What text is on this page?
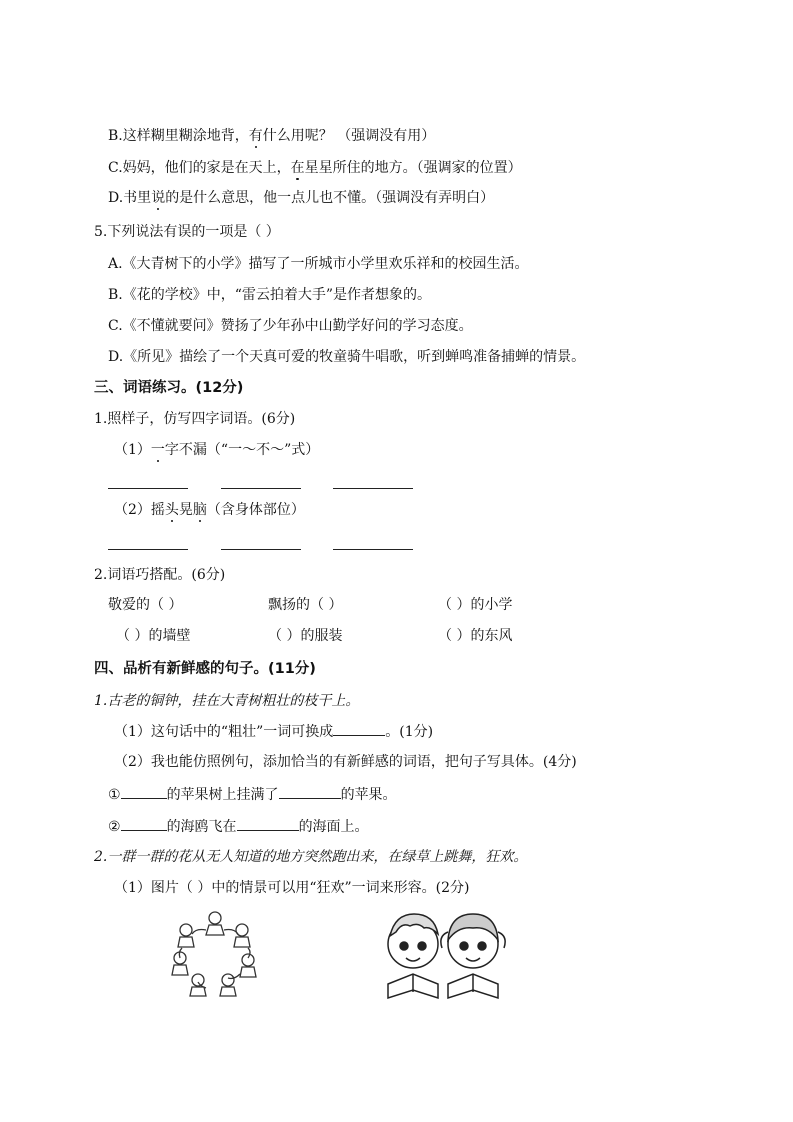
B.这样糊里糊涂地背，有什么用呢？ （强调没有用）
C.妈妈，他们的家是在天上，在星星所住的地方。（强调家的位置）
D.书里说的是什么意思，他一点儿也不懂。（强调没有弄明白）
5.下列说法有误的一项是（ ）
A.《大青树下的小学》描写了一所城市小学里欢乐祥和的校园生活。
B.《花的学校》中，“雷云拍着大手”是作者想象的。
C.《不懂就要问》赞扬了少年孙中山勤学好问的学习态度。
D.《所见》描绘了一个天真可爱的牧童骑牛唱歌，听到蝉鸣准备捕蝉的情景。
三、词语练习。(12分)
1.照样子，仿写四字词语。(6分)
（1）一字不漏（“一～不～”式）
（2）摇头晃脑（含身体部位）
2.词语巧搭配。(6分)
敬爱的（ ）	飘扬的（ ）	（ ）的小学
（ ）的墙壁	（ ）的服装	（ ）的东风
四、品析有新鲜感的句子。(11分)
1.古老的铜钟，挂在大青树粗壮的枝干上。
（1）这句话中的“粗壮”一词可换成	。(1分)
（2）我也能仿照例句，添加恰当的有新鲜感的词语，把句子写具体。(4分)
①	的苹果树上挂满了	的苹果。
②	的海鸥飞在	的海面上。
2.一群一群的花从无人知道的地方突然跑出来，在绿草上跳舞，狂欢。
（1）图片（ ）中的情景可以用“狂欢”一词来形容。(2分)
